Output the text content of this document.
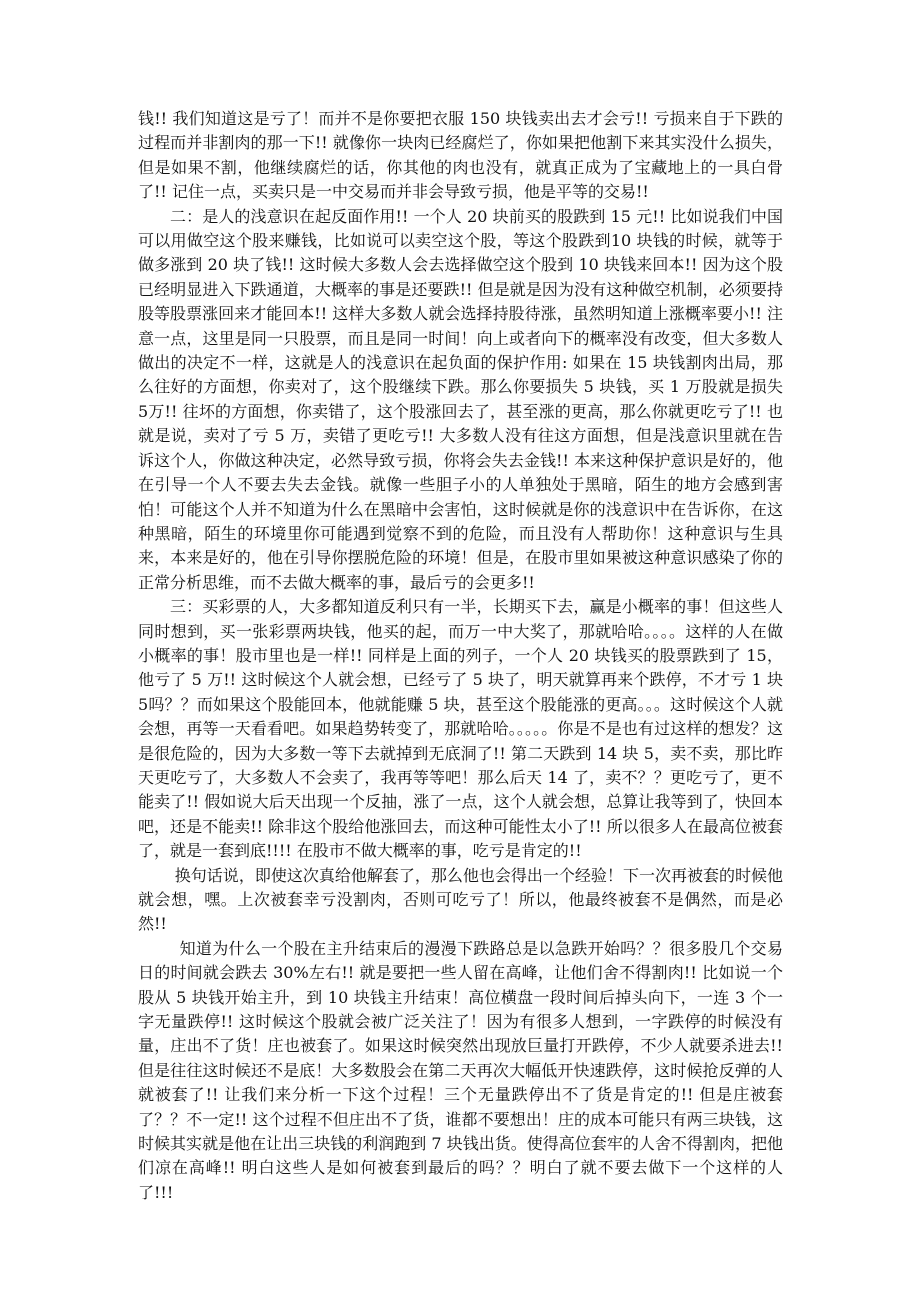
钱!! 我们知道这是亏了！而并不是你要把衣服 150 块钱卖出去才会亏!! 亏损来自于下跌的过程而并非割肉的那一下!! 就像你一块肉已经腐烂了，你如果把他割下来其实没什么损失，但是如果不割，他继续腐烂的话，你其他的肉也没有，就真正成为了宝藏地上的一具白骨了!! 记住一点，买卖只是一中交易而并非会导致亏损，他是平等的交易!!

二：是人的浅意识在起反面作用!! 一个人 20 块前买的股跌到 15 元!! 比如说我们中国可以用做空这个股来赚钱，比如说可以卖空这个股，等这个股跌到10 块钱的时候，就等于做多涨到 20 块了钱!! 这时候大多数人会去选择做空这个股到 10 块钱来回本!! 因为这个股已经明显进入下跌通道，大概率的事是还要跌!! 但是就是因为没有这种做空机制，必须要持股等股票涨回来才能回本!! 这样大多数人就会选择持股待涨，虽然明知道上涨概率要小!! 注意一点，这里是同一只股票，而且是同一时间！向上或者向下的概率没有改变，但大多数人做出的决定不一样，这就是人的浅意识在起负面的保护作用: 如果在 15 块钱割肉出局，那么往好的方面想，你卖对了，这个股继续下跌。那么你要损失 5 块钱，买 1 万股就是损失 5万!! 往坏的方面想，你卖错了，这个股涨回去了，甚至涨的更高，那么你就更吃亏了!! 也就是说，卖对了亏 5 万，卖错了更吃亏!! 大多数人没有往这方面想，但是浅意识里就在告诉这个人，你做这种决定，必然导致亏损，你将会失去金钱!! 本来这种保护意识是好的，他在引导一个人不要去失去金钱。就像一些胆子小的人单独处于黑暗，陌生的地方会感到害怕！可能这个人并不知道为什么在黑暗中会害怕，这时候就是你的浅意识中在告诉你，在这种黑暗，陌生的环境里你可能遇到觉察不到的危险，而且没有人帮助你！这种意识与生具来，本来是好的，他在引导你摆脱危险的环境！但是，在股市里如果被这种意识感染了你的正常分析思维，而不去做大概率的事，最后亏的会更多!!

三：买彩票的人，大多都知道反利只有一半，长期买下去，赢是小概率的事！但这些人同时想到，买一张彩票两块钱，他买的起，而万一中大奖了，那就哈哈。。。。这样的人在做小概率的事！股市里也是一样!! 同样是上面的列子，一个人 20 块钱买的股票跌到了 15，他亏了 5 万!! 这时候这个人就会想，已经亏了 5 块了，明天就算再来个跌停，不才亏 1 块 5吗？？而如果这个股能回本，他就能赚 5 块，甚至这个股能涨的更高。。。这时候这个人就会想，再等一天看看吧。如果趋势转变了，那就哈哈。。。。。你是不是也有过这样的想发？这是很危险的，因为大多数一等下去就掉到无底洞了!! 第二天跌到 14 块 5，卖不卖，那比昨天更吃亏了，大多数人不会卖了，我再等等吧！那么后天 14 了，卖不？？更吃亏了，更不能卖了!! 假如说大后天出现一个反抽，涨了一点，这个人就会想，总算让我等到了，快回本吧，还是不能卖!! 除非这个股给他涨回去，而这种可能性太小了!! 所以很多人在最高位被套了，就是一套到底!!!! 在股市不做大概率的事，吃亏是肯定的!!

换句话说，即使这次真给他解套了，那么他也会得出一个经验！下一次再被套的时候他就会想，嘿。上次被套幸亏没割肉，否则可吃亏了！所以，他最终被套不是偶然，而是必然!!

知道为什么一个股在主升结束后的漫漫下跌路总是以急跌开始吗？？很多股几个交易日的时间就会跌去 30%左右!! 就是要把一些人留在高峰，让他们舍不得割肉!! 比如说一个股从 5 块钱开始主升，到 10 块钱主升结束！高位横盘一段时间后掉头向下，一连 3 个一字无量跌停!! 这时候这个股就会被广泛关注了！因为有很多人想到，一字跌停的时候没有量，庄出不了货！庄也被套了。如果这时候突然出现放巨量打开跌停，不少人就要杀进去!! 但是往往这时候还不是底！大多数股会在第二天再次大幅低开快速跌停，这时候抢反弹的人就被套了!! 让我们来分析一下这个过程！三个无量跌停出不了货是肯定的!! 但是庄被套了？？不一定!! 这个过程不但庄出不了货，谁都不要想出！庄的成本可能只有两三块钱，这时候其实就是他在让出三块钱的利润跑到 7 块钱出货。使得高位套牢的人舍不得割肉，把他们凉在高峰!! 明白这些人是如何被套到最后的吗？？明白了就不要去做下一个这样的人了!!!
